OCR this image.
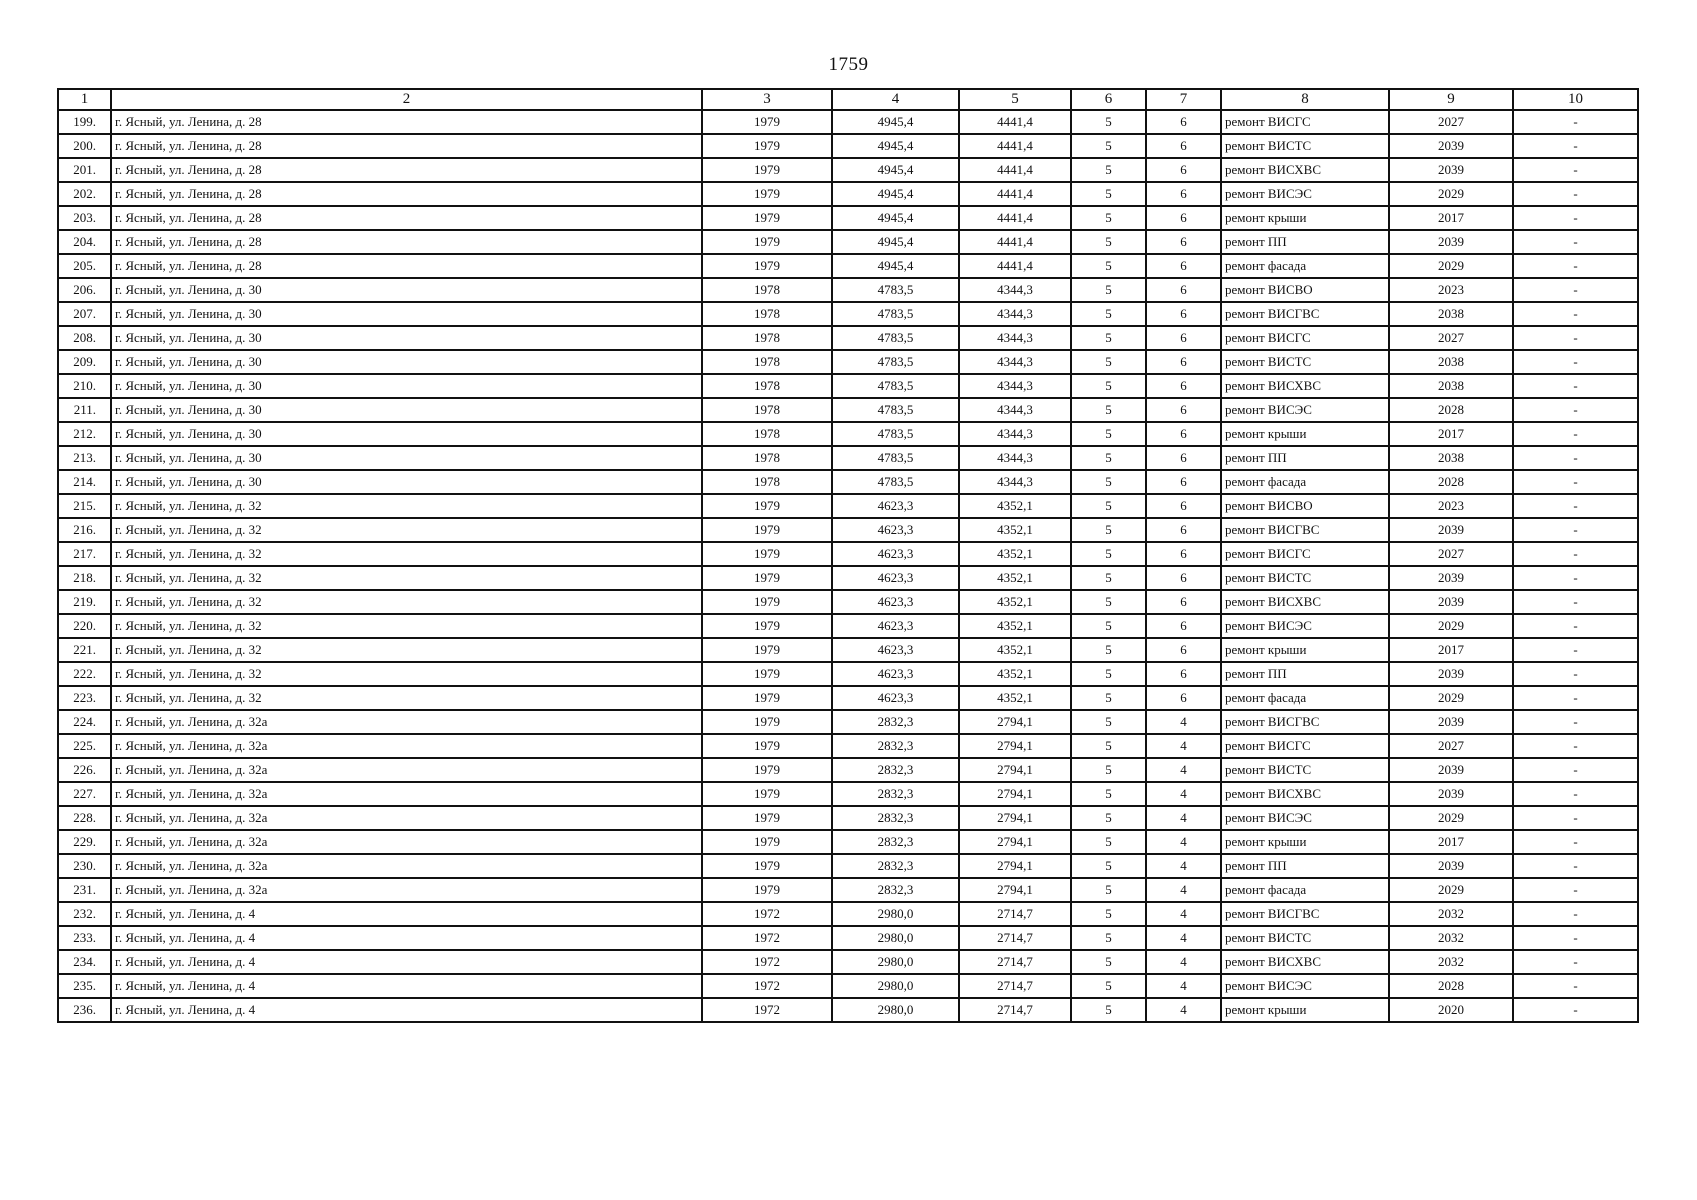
1759
1	2	3	4	5	6	7	8	9	10
199.	г. Ясный, ул. Ленина, д. 28	1979	4945,4	4441,4	5	6	ремонт ВИСГС	2027	-
200.	г. Ясный, ул. Ленина, д. 28	1979	4945,4	4441,4	5	6	ремонт ВИСТС	2039	-
201.	г. Ясный, ул. Ленина, д. 28	1979	4945,4	4441,4	5	6	ремонт ВИСХВС	2039	-
202.	г. Ясный, ул. Ленина, д. 28	1979	4945,4	4441,4	5	6	ремонт ВИСЭС	2029	-
203.	г. Ясный, ул. Ленина, д. 28	1979	4945,4	4441,4	5	6	ремонт крыши	2017	-
204.	г. Ясный, ул. Ленина, д. 28	1979	4945,4	4441,4	5	6	ремонт ПП	2039	-
205.	г. Ясный, ул. Ленина, д. 28	1979	4945,4	4441,4	5	6	ремонт фасада	2029	-
206.	г. Ясный, ул. Ленина, д. 30	1978	4783,5	4344,3	5	6	ремонт ВИСВО	2023	-
207.	г. Ясный, ул. Ленина, д. 30	1978	4783,5	4344,3	5	6	ремонт ВИСГВС	2038	-
208.	г. Ясный, ул. Ленина, д. 30	1978	4783,5	4344,3	5	6	ремонт ВИСГС	2027	-
209.	г. Ясный, ул. Ленина, д. 30	1978	4783,5	4344,3	5	6	ремонт ВИСТС	2038	-
210.	г. Ясный, ул. Ленина, д. 30	1978	4783,5	4344,3	5	6	ремонт ВИСХВС	2038	-
211.	г. Ясный, ул. Ленина, д. 30	1978	4783,5	4344,3	5	6	ремонт ВИСЭС	2028	-
212.	г. Ясный, ул. Ленина, д. 30	1978	4783,5	4344,3	5	6	ремонт крыши	2017	-
213.	г. Ясный, ул. Ленина, д. 30	1978	4783,5	4344,3	5	6	ремонт ПП	2038	-
214.	г. Ясный, ул. Ленина, д. 30	1978	4783,5	4344,3	5	6	ремонт фасада	2028	-
215.	г. Ясный, ул. Ленина, д. 32	1979	4623,3	4352,1	5	6	ремонт ВИСВО	2023	-
216.	г. Ясный, ул. Ленина, д. 32	1979	4623,3	4352,1	5	6	ремонт ВИСГВС	2039	-
217.	г. Ясный, ул. Ленина, д. 32	1979	4623,3	4352,1	5	6	ремонт ВИСГС	2027	-
218.	г. Ясный, ул. Ленина, д. 32	1979	4623,3	4352,1	5	6	ремонт ВИСТС	2039	-
219.	г. Ясный, ул. Ленина, д. 32	1979	4623,3	4352,1	5	6	ремонт ВИСХВС	2039	-
220.	г. Ясный, ул. Ленина, д. 32	1979	4623,3	4352,1	5	6	ремонт ВИСЭС	2029	-
221.	г. Ясный, ул. Ленина, д. 32	1979	4623,3	4352,1	5	6	ремонт крыши	2017	-
222.	г. Ясный, ул. Ленина, д. 32	1979	4623,3	4352,1	5	6	ремонт ПП	2039	-
223.	г. Ясный, ул. Ленина, д. 32	1979	4623,3	4352,1	5	6	ремонт фасада	2029	-
224.	г. Ясный, ул. Ленина, д. 32а	1979	2832,3	2794,1	5	4	ремонт ВИСГВС	2039	-
225.	г. Ясный, ул. Ленина, д. 32а	1979	2832,3	2794,1	5	4	ремонт ВИСГС	2027	-
226.	г. Ясный, ул. Ленина, д. 32а	1979	2832,3	2794,1	5	4	ремонт ВИСТС	2039	-
227.	г. Ясный, ул. Ленина, д. 32а	1979	2832,3	2794,1	5	4	ремонт ВИСХВС	2039	-
228.	г. Ясный, ул. Ленина, д. 32а	1979	2832,3	2794,1	5	4	ремонт ВИСЭС	2029	-
229.	г. Ясный, ул. Ленина, д. 32а	1979	2832,3	2794,1	5	4	ремонт крыши	2017	-
230.	г. Ясный, ул. Ленина, д. 32а	1979	2832,3	2794,1	5	4	ремонт ПП	2039	-
231.	г. Ясный, ул. Ленина, д. 32а	1979	2832,3	2794,1	5	4	ремонт фасада	2029	-
232.	г. Ясный, ул. Ленина, д. 4	1972	2980,0	2714,7	5	4	ремонт ВИСГВС	2032	-
233.	г. Ясный, ул. Ленина, д. 4	1972	2980,0	2714,7	5	4	ремонт ВИСТС	2032	-
234.	г. Ясный, ул. Ленина, д. 4	1972	2980,0	2714,7	5	4	ремонт ВИСХВС	2032	-
235.	г. Ясный, ул. Ленина, д. 4	1972	2980,0	2714,7	5	4	ремонт ВИСЭС	2028	-
236.	г. Ясный, ул. Ленина, д. 4	1972	2980,0	2714,7	5	4	ремонт крыши	2020	-
